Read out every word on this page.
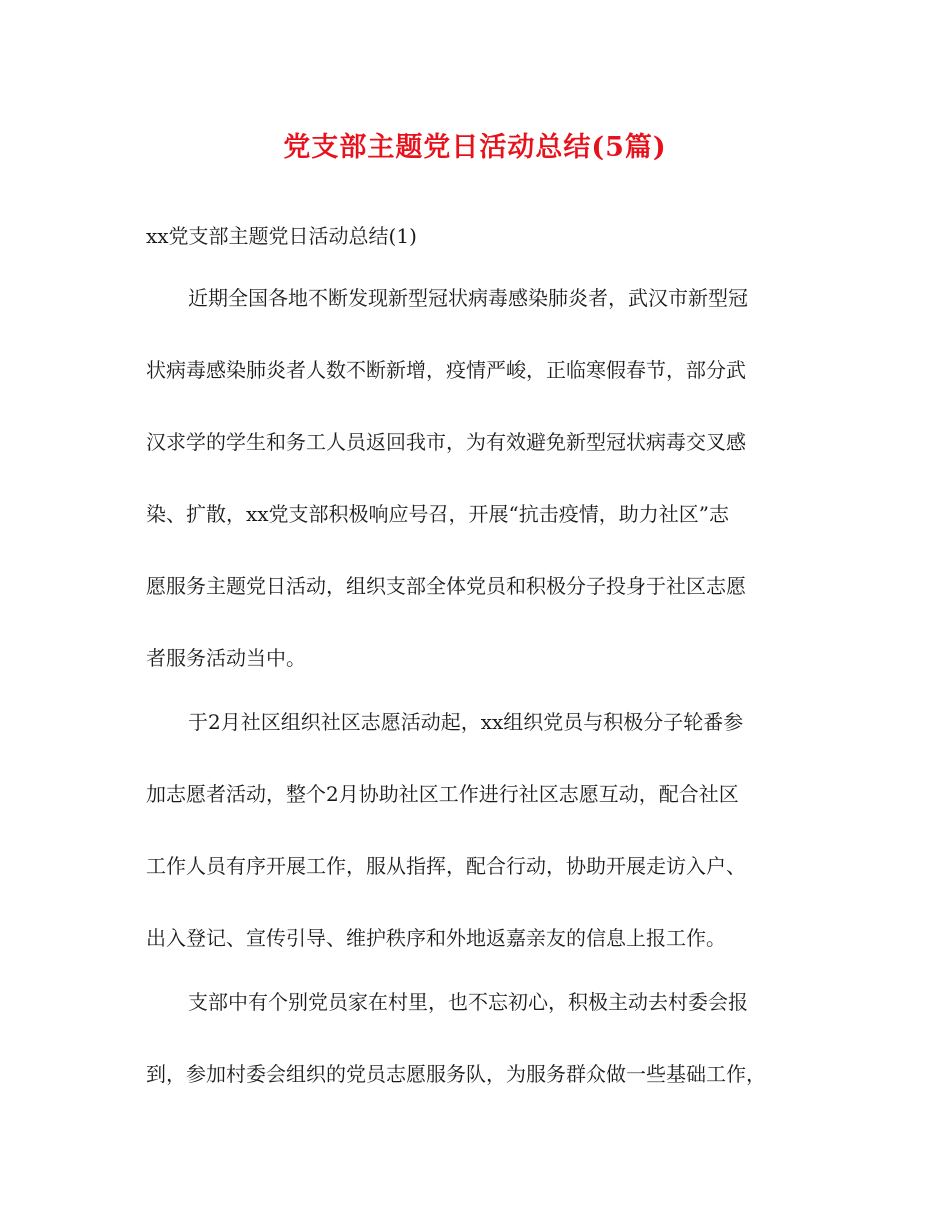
党支部主题党日活动总结(5篇)
xx党支部主题党日活动总结(1)
近期全国各地不断发现新型冠状病毒感染肺炎者，武汉市新型冠
状病毒感染肺炎者人数不断新增，疫情严峻，正临寒假春节，部分武
汉求学的学生和务工人员返回我市，为有效避免新型冠状病毒交叉感
染、扩散，xx党支部积极响应号召，开展“抗击疫情，助力社区”志
愿服务主题党日活动，组织支部全体党员和积极分子投身于社区志愿
者服务活动当中。
于2月社区组织社区志愿活动起，xx组织党员与积极分子轮番参
加志愿者活动，整个2月协助社区工作进行社区志愿互动，配合社区
工作人员有序开展工作，服从指挥，配合行动，协助开展走访入户、
出入登记、宣传引导、维护秩序和外地返嘉亲友的信息上报工作。
支部中有个别党员家在村里，也不忘初心，积极主动去村委会报
到，参加村委会组织的党员志愿服务队，为服务群众做一些基础工作，
